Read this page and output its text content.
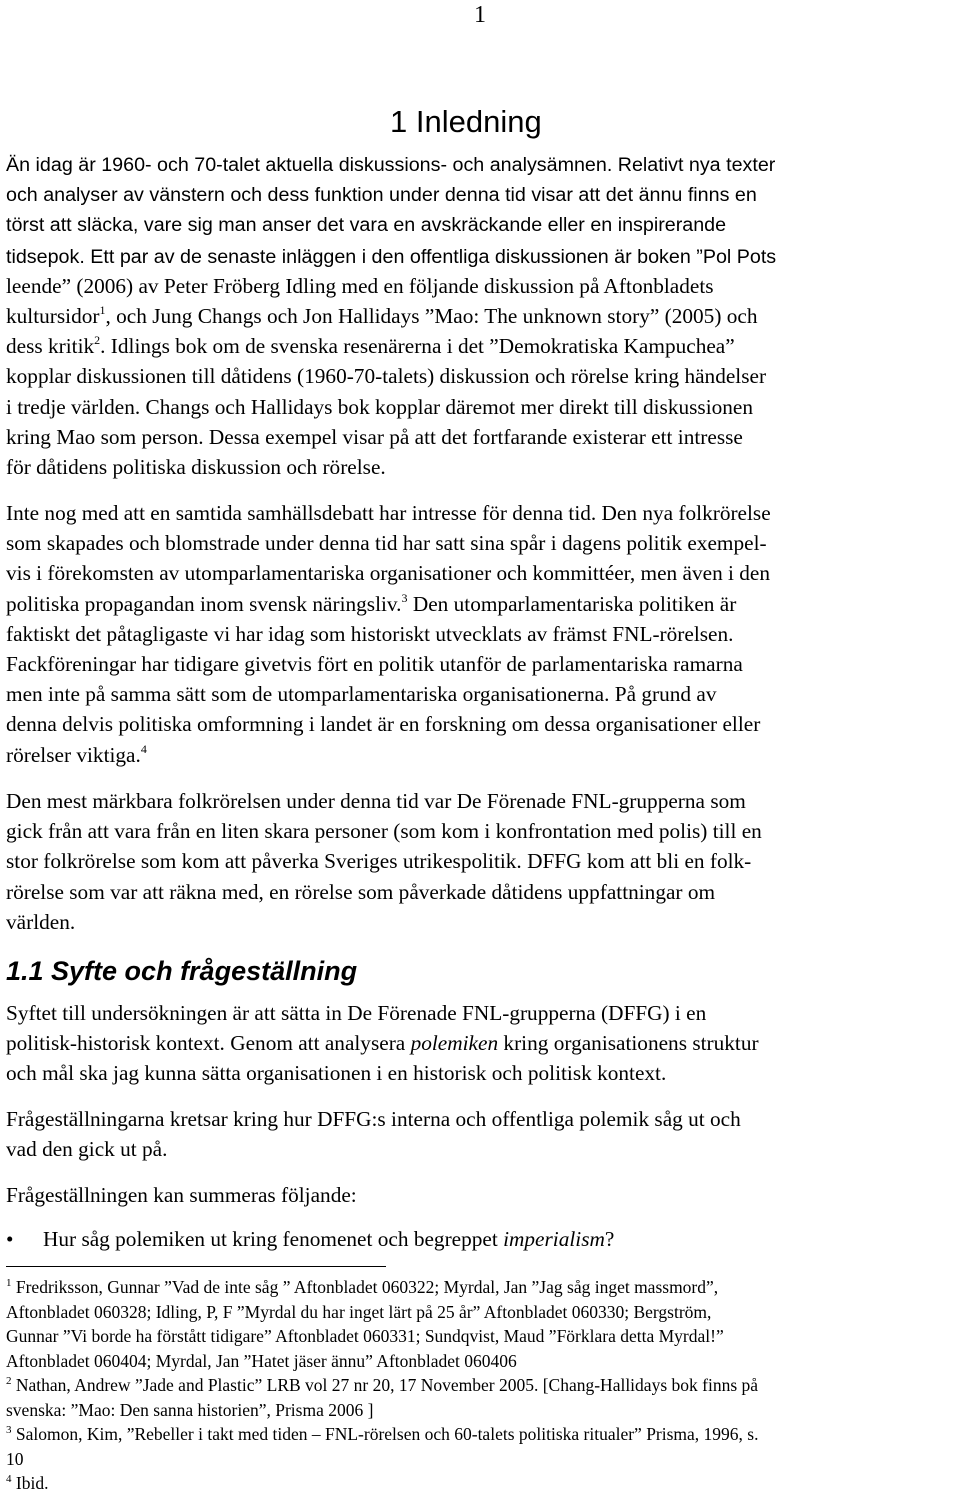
1
1 Inledning
Än idag är 1960- och 70-talet aktuella diskussions- och analysämnen. Relativt nya texter
och analyser av vänstern och dess funktion under denna tid visar att det ännu finns en
törst att släcka, vare sig man anser det vara en avskräckande eller en inspirerande
tidsepok. Ett par av de senaste inläggen i den offentliga diskussionen är boken ”Pol Pots
leende” (2006) av Peter Fröberg Idling med en följande diskussion på Aftonbladets
kultursidor$^1$, och Jung Changs och Jon Hallidays ”Mao: The unknown story” (2005) och
dess kritik$^2$. Idlings bok om de svenska resenärerna i det ”Demokratiska Kampuchea”
kopplar diskussionen till dåtidens (1960-70-talets) diskussion och rörelse kring händelser
i tredje världen. Changs och Hallidays bok kopplar däremot mer direkt till diskussionen
kring Mao som person. Dessa exempel visar på att det fortfarande existerar ett intresse
för dåtidens politiska diskussion och rörelse.
Inte nog med att en samtida samhällsdebatt har intresse för denna tid. Den nya folkrörelse
som skapades och blomstrade under denna tid har satt sina spår i dagens politik exempel-
vis i förekomsten av utomparlamentariska organisationer och kommittéer, men även i den
politiska propagandan inom svensk näringsliv.$^3$ Den utomparlamentariska politiken är
faktiskt det påtagligaste vi har idag som historiskt utvecklats av främst FNL-rörelsen.
Fackföreningar har tidigare givetvis fört en politik utanför de parlamentariska ramarna
men inte på samma sätt som de utomparlamentariska organisationerna. På grund av
denna delvis politiska omformning i landet är en forskning om dessa organisationer eller
rörelser viktiga.$^4$
Den mest märkbara folkrörelsen under denna tid var De Förenade FNL-grupperna som
gick från att vara från en liten skara personer (som kom i konfrontation med polis) till en
stor folkrörelse som kom att påverka Sveriges utrikespolitik. DFFG kom att bli en folk-
rörelse som var att räkna med, en rörelse som påverkade dåtidens uppfattningar om
världen.
1.1 Syfte och frågeställning
Syftet till undersökningen är att sätta in De Förenade FNL-grupperna (DFFG) i en
politisk-historisk kontext. Genom att analysera polemiken kring organisationens struktur
och mål ska jag kunna sätta organisationen i en historisk och politisk kontext.
Frågeställningarna kretsar kring hur DFFG:s interna och offentliga polemik såg ut och
vad den gick ut på.
Frågeställningen kan summeras följande:
• Hur såg polemiken ut kring fenomenet och begreppet imperialism?
$^1$ Fredriksson, Gunnar ”Vad de inte såg ” Aftonbladet 060322; Myrdal, Jan ”Jag såg inget massmord”,
Aftonbladet 060328; Idling, P, F ”Myrdal du har inget lärt på 25 år” Aftonbladet 060330; Bergström,
Gunnar ”Vi borde ha förstått tidigare” Aftonbladet 060331; Sundqvist, Maud ”Förklara detta Myrdal!”
Aftonbladet 060404; Myrdal, Jan ”Hatet jäser ännu” Aftonbladet 060406
$^2$ Nathan, Andrew ”Jade and Plastic” LRB vol 27 nr 20, 17 November 2005. [Chang-Hallidays bok finns på
svenska: ”Mao: Den sanna historien”, Prisma 2006 ]
$^3$ Salomon, Kim, ”Rebeller i takt med tiden – FNL-rörelsen och 60-talets politiska ritualer” Prisma, 1996, s.
10
$^4$ Ibid.
